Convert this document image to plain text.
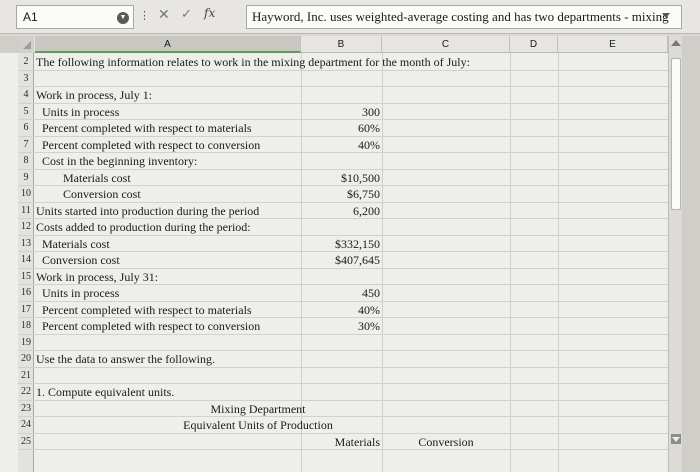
A1	▼ ⋮ ✕ ✓ fx	Hayword, Inc. uses weighted-average costing and has two departments - mixing
A	B	C	D	E
2 The following information relates to work in the mixing department for the month of July:
3
4 Work in process, July 1:
5	Units in process	300
6	Percent completed with respect to materials	60%
7	Percent completed with respect to conversion	40%
8	Cost in the beginning inventory:
9	Materials cost	$10,500
10	Conversion cost	$6,750
11 Units started into production during the period	6,200
12 Costs added to production during the period:
13 Materials cost	$332,150
14 Conversion cost	$407,645
15 Work in process, July 31:
16 Units in process	450
17 Percent completed with respect to materials	40%
18 Percent completed with respect to conversion	30%
19
20 Use the data to answer the following.
21
22 1. Compute equivalent units.
23	Mixing Department
24	Equivalent Units of Production
25	Materials	Conversion
